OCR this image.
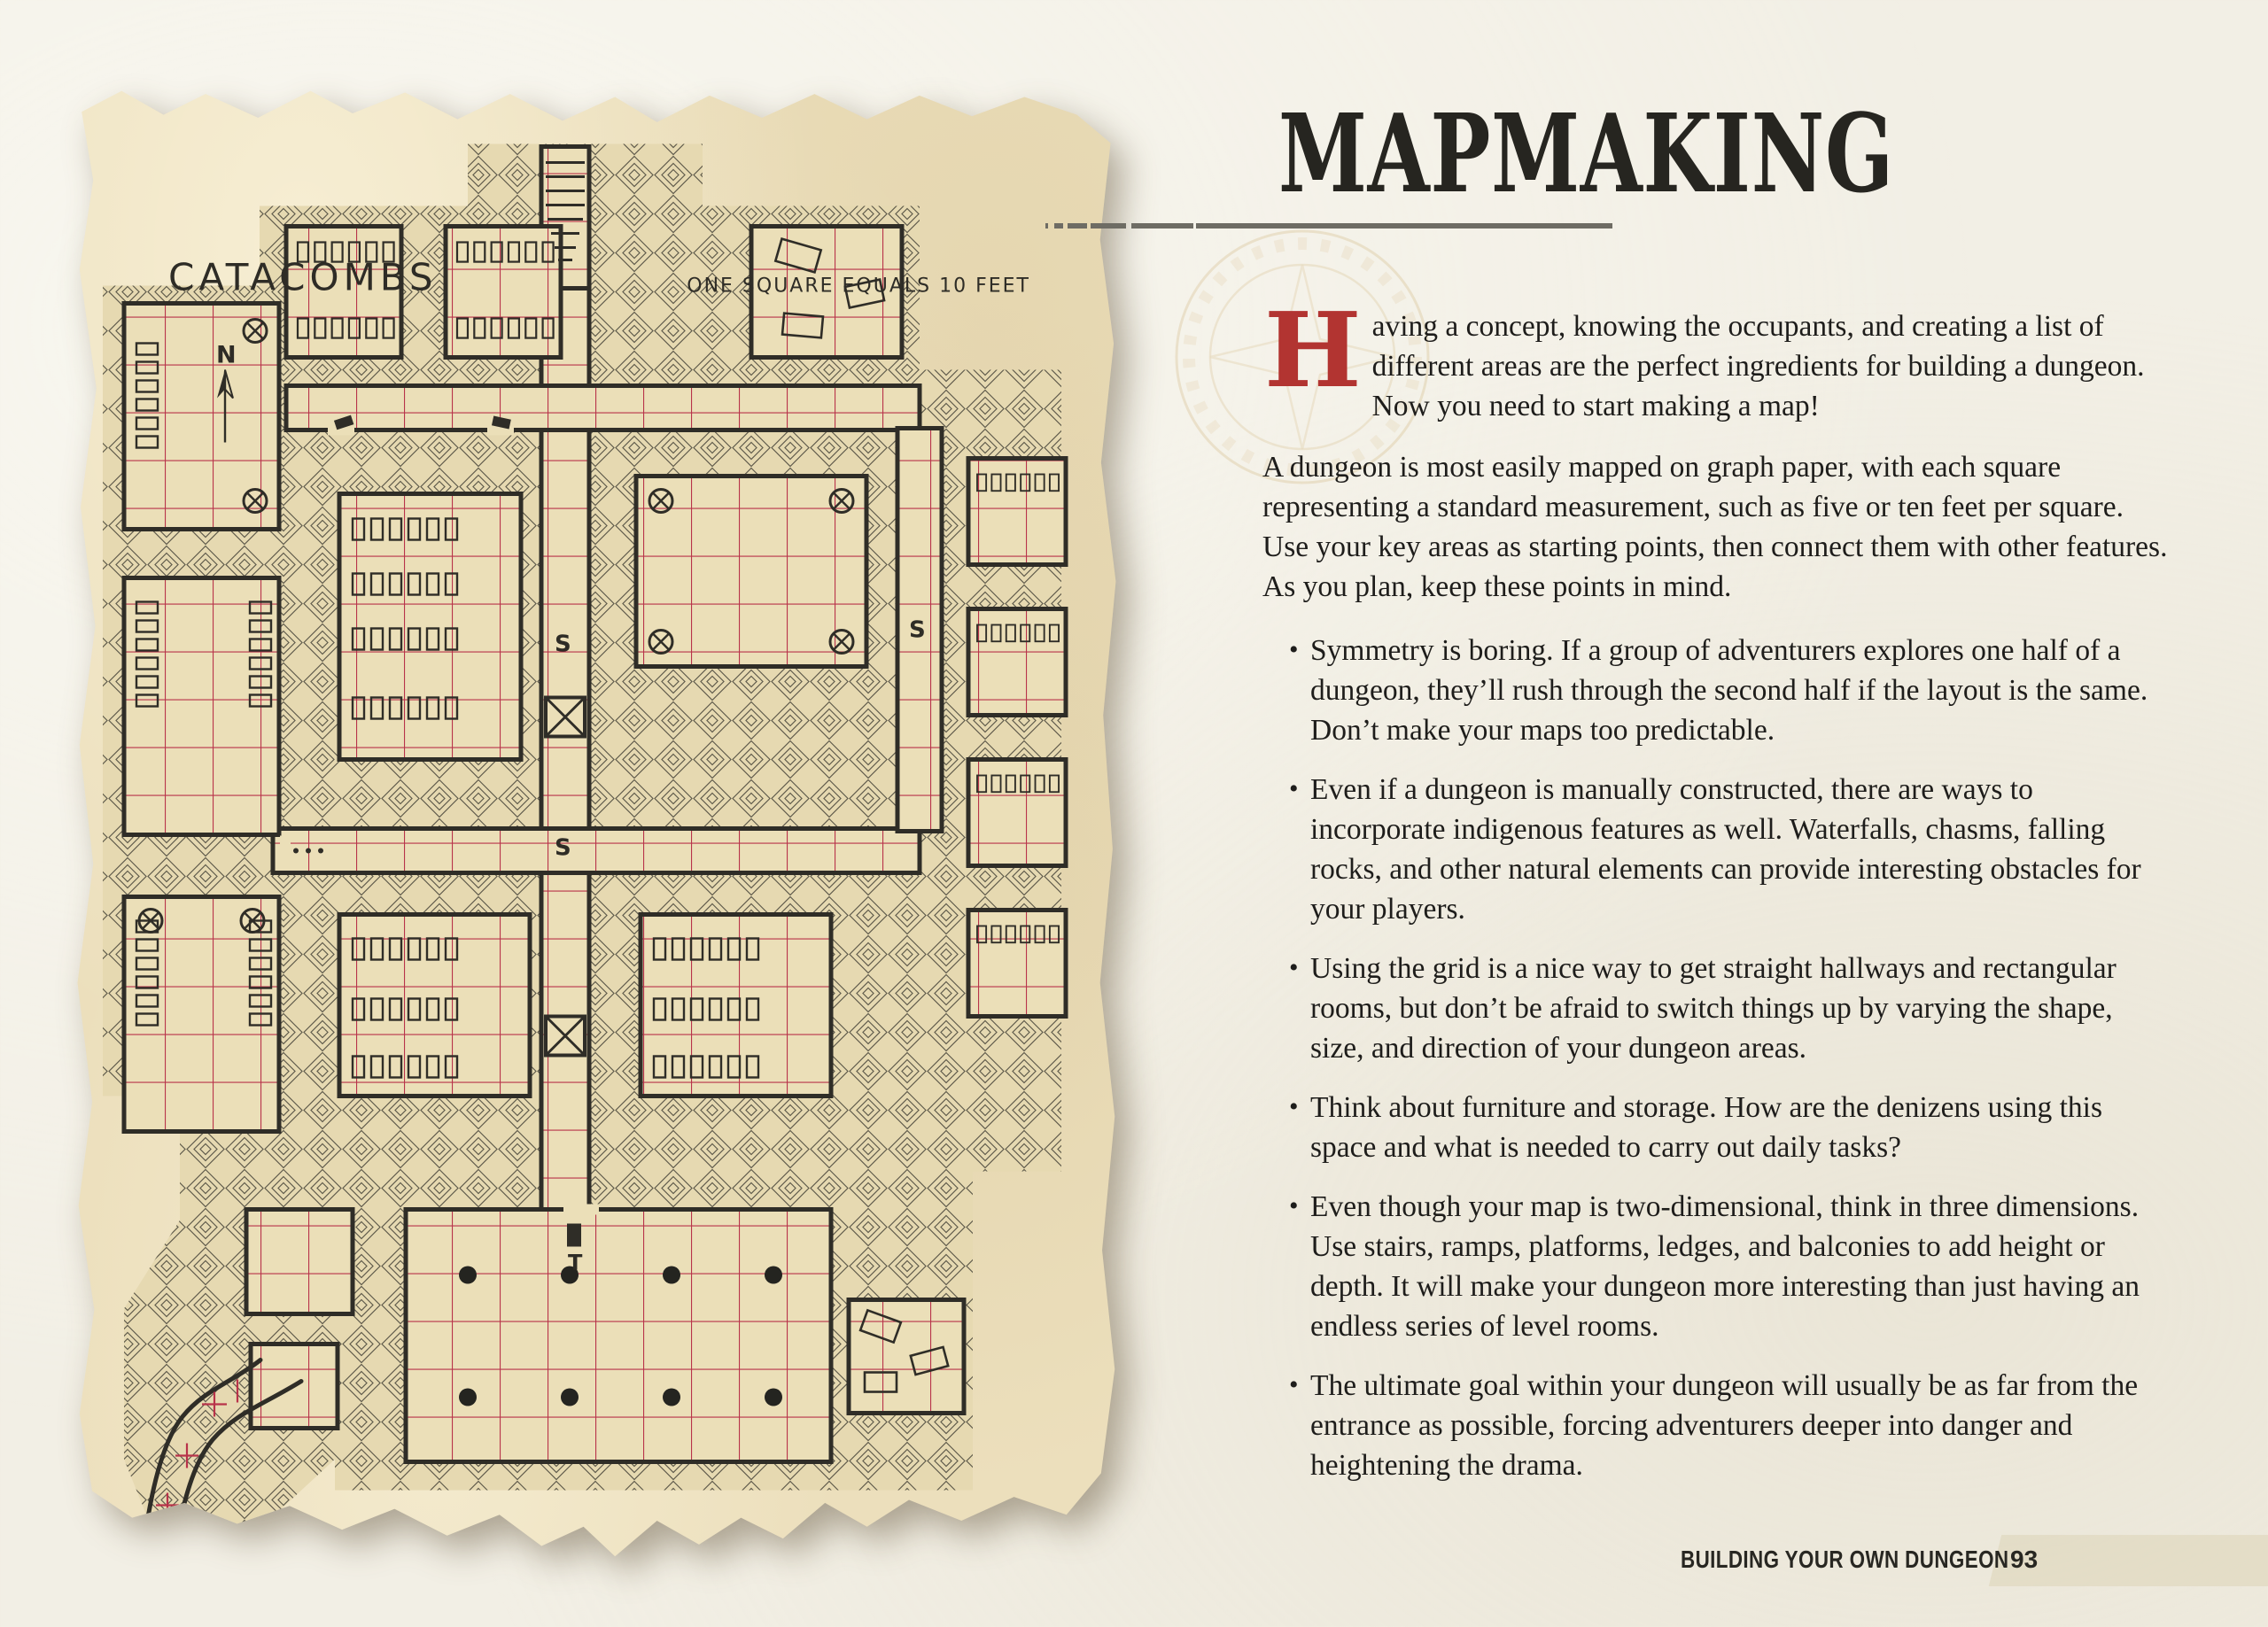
CATACOMBS	ONE SQUARE EQUALS 10 FEET
N
S
S
S
T
MAPMAKING

Having a concept, knowing the occupants, and creating a list of different areas are the perfect ingredients for building a dungeon. Now you need to start making a map!

A dungeon is most easily mapped on graph paper, with each square representing a standard measurement, such as five or ten feet per square. Use your key areas as starting points, then connect them with other features. As you plan, keep these points in mind.

• Symmetry is boring. If a group of adventurers explores one half of a dungeon, they’ll rush through the second half if the layout is the same. Don’t make your maps too predictable.
• Even if a dungeon is manually constructed, there are ways to incorporate indigenous features as well. Waterfalls, chasms, falling rocks, and other natural elements can provide interesting obstacles for your players.
• Using the grid is a nice way to get straight hallways and rectangular rooms, but don’t be afraid to switch things up by varying the shape, size, and direction of your dungeon areas.
• Think about furniture and storage. How are the denizens using this space and what is needed to carry out daily tasks?
• Even though your map is two-dimensional, think in three dimensions. Use stairs, ramps, platforms, ledges, and balconies to add height or depth. It will make your dungeon more interesting than just having an endless series of level rooms.
• The ultimate goal within your dungeon will usually be as far from the entrance as possible, forcing adventurers deeper into danger and heightening the drama.
BUILDING YOUR OWN DUNGEON 93
